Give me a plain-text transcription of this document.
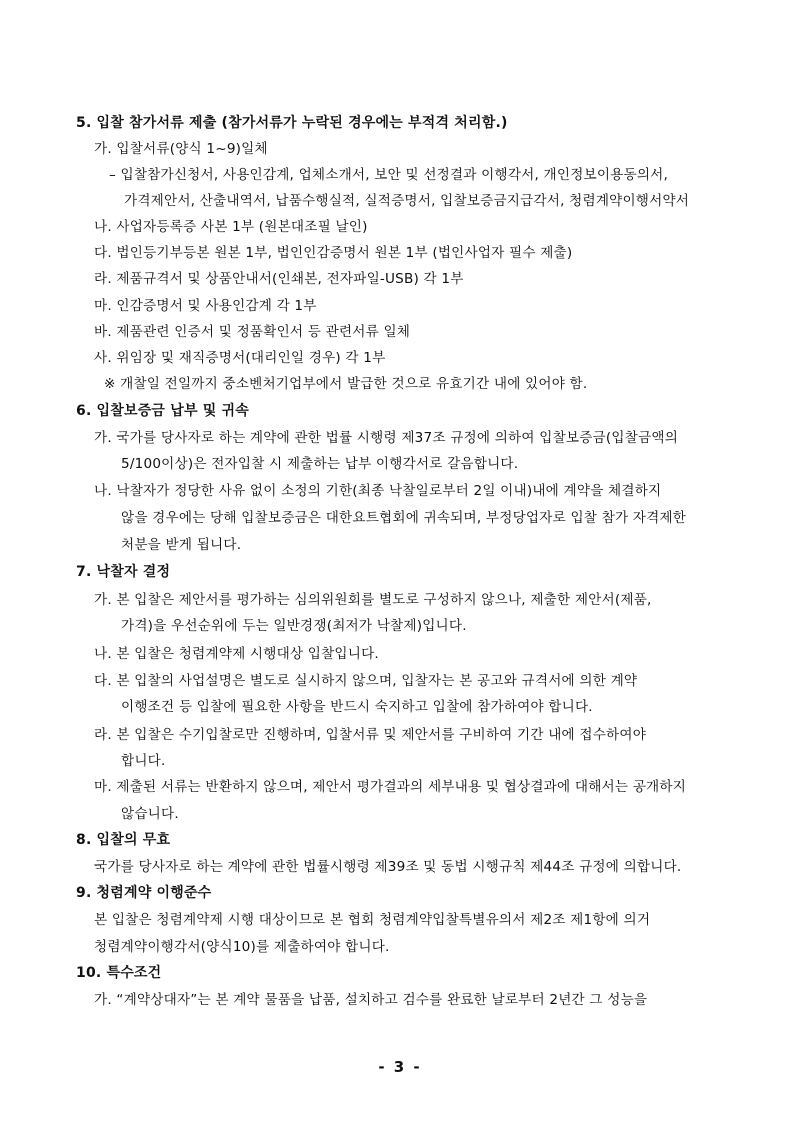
5. 입찰 참가서류 제출 (참가서류가 누락된 경우에는 부적격 처리함.)
가. 입찰서류(양식 1~9)일체
– 입찰참가신청서, 사용인감계, 업체소개서, 보안 및 선정결과 이행각서, 개인정보이용동의서,
가격제안서, 산출내역서, 납품수행실적, 실적증명서, 입찰보증금지급각서, 청렴계약이행서약서
나. 사업자등록증 사본 1부 (원본대조필 날인)
다. 법인등기부등본 원본 1부, 법인인감증명서 원본 1부 (법인사업자 필수 제출)
라. 제품규격서 및 상품안내서(인쇄본, 전자파일-USB) 각 1부
마. 인감증명서 및 사용인감계 각 1부
바. 제품관련 인증서 및 정품확인서 등 관련서류 일체
사. 위임장 및 재직증명서(대리인일 경우) 각 1부
※ 개찰일 전일까지 중소벤처기업부에서 발급한 것으로 유효기간 내에 있어야 함.
6. 입찰보증금 납부 및 귀속
가. 국가를 당사자로 하는 계약에 관한 법률 시행령 제37조 규정에 의하여 입찰보증금(입찰금액의
5/100이상)은 전자입찰 시 제출하는 납부 이행각서로 갈음합니다.
나. 낙찰자가 정당한 사유 없이 소정의 기한(최종 낙찰일로부터 2일 이내)내에 계약을 체결하지
않을 경우에는 당해 입찰보증금은 대한요트협회에 귀속되며, 부정당업자로 입찰 참가 자격제한
처분을 받게 됩니다.
7. 낙찰자 결정
가. 본 입찰은 제안서를 평가하는 심의위원회를 별도로 구성하지 않으나, 제출한 제안서(제품,
가격)을 우선순위에 두는 일반경쟁(최저가 낙찰제)입니다.
나. 본 입찰은 청렴계약제 시행대상 입찰입니다.
다. 본 입찰의 사업설명은 별도로 실시하지 않으며, 입찰자는 본 공고와 규격서에 의한 계약
이행조건 등 입찰에 필요한 사항을 반드시 숙지하고 입찰에 참가하여야 합니다.
라. 본 입찰은 수기입찰로만 진행하며, 입찰서류 및 제안서를 구비하여 기간 내에 접수하여야
합니다.
마. 제출된 서류는 반환하지 않으며, 제안서 평가결과의 세부내용 및 협상결과에 대해서는 공개하지
않습니다.
8. 입찰의 무효
국가를 당사자로 하는 계약에 관한 법률시행령 제39조 및 동법 시행규칙 제44조 규정에 의합니다.
9. 청렴계약 이행준수
본 입찰은 청렴계약제 시행 대상이므로 본 협회 청렴계약입찰특별유의서 제2조 제1항에 의거
청렴계약이행각서(양식10)를 제출하여야 합니다.
10. 특수조건
가. “계약상대자”는 본 계약 물품을 납품, 설치하고 검수를 완료한 날로부터 2년간 그 성능을
- 3 -
